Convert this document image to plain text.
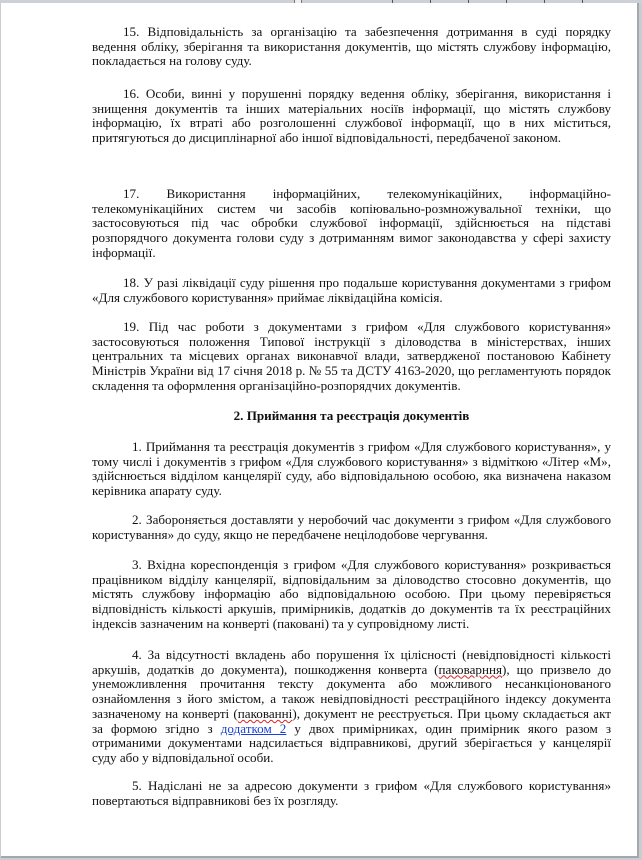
15. Відповідальність за організацію та забезпечення дотримання в суді порядку ведення обліку, зберігання та використання документів, що містять службову інформацію, покладається на голову суду.

16. Особи, винні у порушенні порядку ведення обліку, зберігання, використання і знищення документів та інших матеріальних носіїв інформації, що містять службову інформацію, їх втраті або розголошенні службової інформації, що в них міститься, притягуються до дисциплінарної або іншої відповідальності, передбаченої законом.

17. Використання інформаційних, телекомунікаційних, інформаційно-телекомунікаційних систем чи засобів копіювально-розмножувальної техніки, що застосовуються під час обробки службової інформації, здійснюється на підставі розпорядчого документа голови суду з дотриманням вимог законодавства у сфері захисту інформації.

18. У разі ліквідації суду рішення про подальше користування документами з грифом «Для службового користування» приймає ліквідаційна комісія.

19. Під час роботи з документами з грифом «Для службового користування» застосовуються положення Типової інструкції з діловодства в міністерствах, інших центральних та місцевих органах виконавчої влади, затвердженої постановою Кабінету Міністрів України від 17 січня 2018 р. № 55 та ДСТУ 4163-2020, що регламентують порядок складення та оформлення організаційно-розпорядчих документів.

2. Приймання та реєстрація документів

1. Приймання та реєстрація документів з грифом «Для службового користування», у тому числі і документів з грифом «Для службового користування» з відміткою «Літер «М», здійснюється відділом канцелярії суду, або відповідальною особою, яка визначена наказом керівника апарату суду.

2. Забороняється доставляти у неробочий час документи з грифом «Для службового користування» до суду, якщо не передбачене нецілодобове чергування.

3. Вхідна кореспонденція з грифом «Для службового користування» розкривається працівником відділу канцелярії, відповідальним за діловодство стосовно документів, що містять службову інформацію або відповідальною особою. При цьому перевіряється відповідність кількості аркушів, примірників, додатків до документів та їх реєстраційних індексів зазначеним на конверті (паковані) та у супровідному листі.

4. За відсутності вкладень або порушення їх цілісності (невідповідності кількості аркушів, додатків до документа), пошкодження конверта (паковарння), що призвело до унеможливлення прочитання тексту документа або можливого несанкціонованого ознайомлення з його змістом, а також невідповідності реєстраційного індексу документа зазначеному на конверті (пакованні), документ не реєструється. При цьому складається акт за формою згідно з додатком 2 у двох примірниках, один примірник якого разом з отриманими документами надсилається відправникові, другий зберігається у канцелярії суду або у відповідальної особи.

5. Надіслані не за адресою документи з грифом «Для службового користування» повертаються відправникові без їх розгляду.
